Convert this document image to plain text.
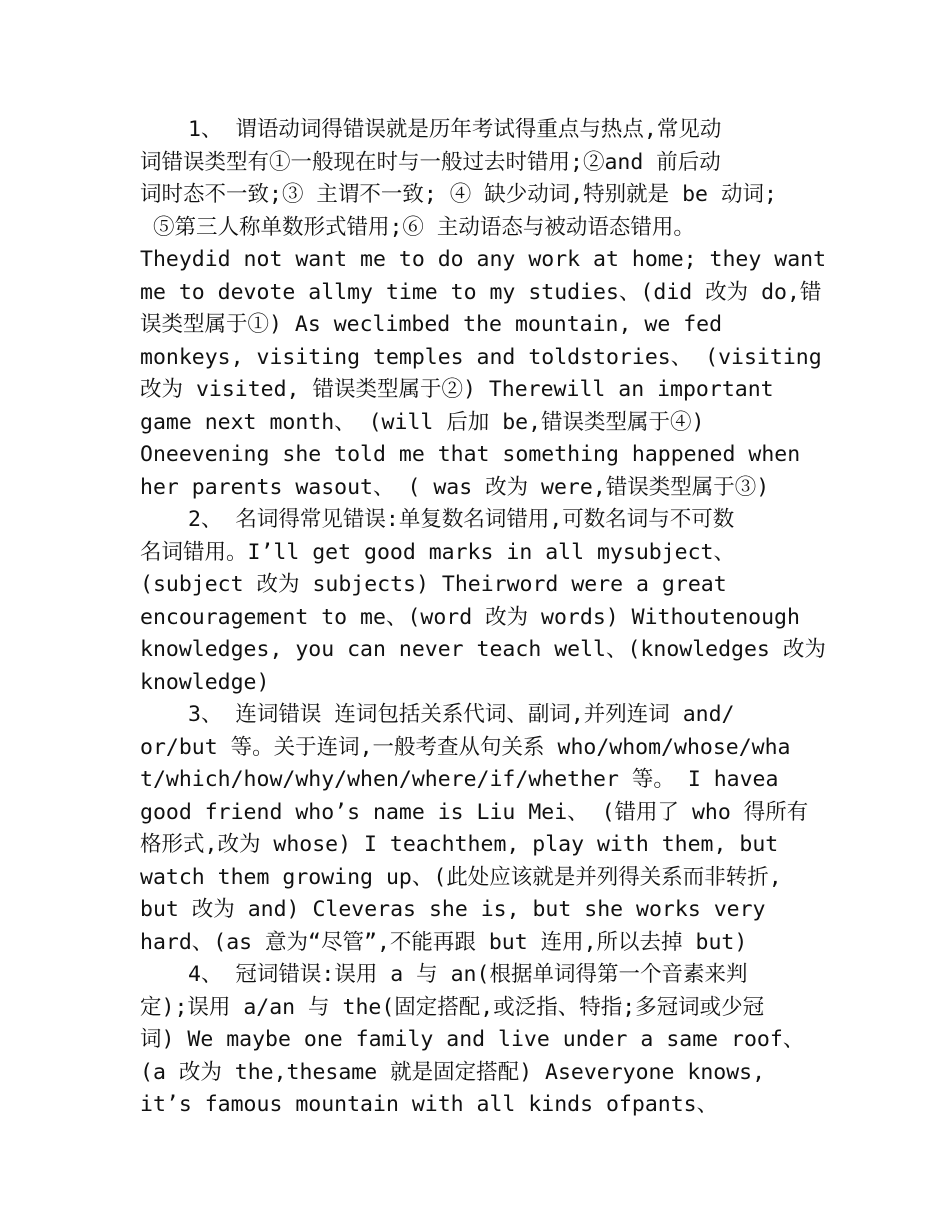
1、 谓语动词得错误就是历年考试得重点与热点,常见动
词错误类型有①一般现在时与一般过去时错用;②and 前后动
词时态不一致;③ 主谓不一致; ④ 缺少动词,特别就是 be 动词;
⑤第三人称单数形式错用;⑥ 主动语态与被动语态错用。
Theydid not want me to do any work at home; they want
me to devote allmy time to my studies、(did 改为 do,错
误类型属于①) As weclimbed the mountain, we fed
monkeys, visiting temples and toldstories、 (visiting
改为 visited, 错误类型属于②) Therewill an important
game next month、 (will 后加 be,错误类型属于④)
Oneevening she told me that something happened when
her parents wasout、 ( was 改为 were,错误类型属于③)
2、 名词得常见错误:单复数名词错用,可数名词与不可数
名词错用。I’ll get good marks in all mysubject、
(subject 改为 subjects) Theirword were a great
encouragement to me、(word 改为 words) Withoutenough
knowledges, you can never teach well、(knowledges 改为
knowledge)
3、 连词错误 连词包括关系代词、副词,并列连词 and/
or/but 等。关于连词,一般考查从句关系 who/whom/whose/wha
t/which/how/why/when/where/if/whether 等。 I havea
good friend who’s name is Liu Mei、 (错用了 who 得所有
格形式,改为 whose) I teachthem, play with them, but
watch them growing up、(此处应该就是并列得关系而非转折,
but 改为 and) Cleveras she is, but she works very
hard、(as 意为“尽管”,不能再跟 but 连用,所以去掉 but)
4、 冠词错误:误用 a 与 an(根据单词得第一个音素来判
定);误用 a/an 与 the(固定搭配,或泛指、特指;多冠词或少冠
词) We maybe one family and live under a same roof、
(a 改为 the,thesame 就是固定搭配) Aseveryone knows,
it’s famous mountain with all kinds ofpants、
